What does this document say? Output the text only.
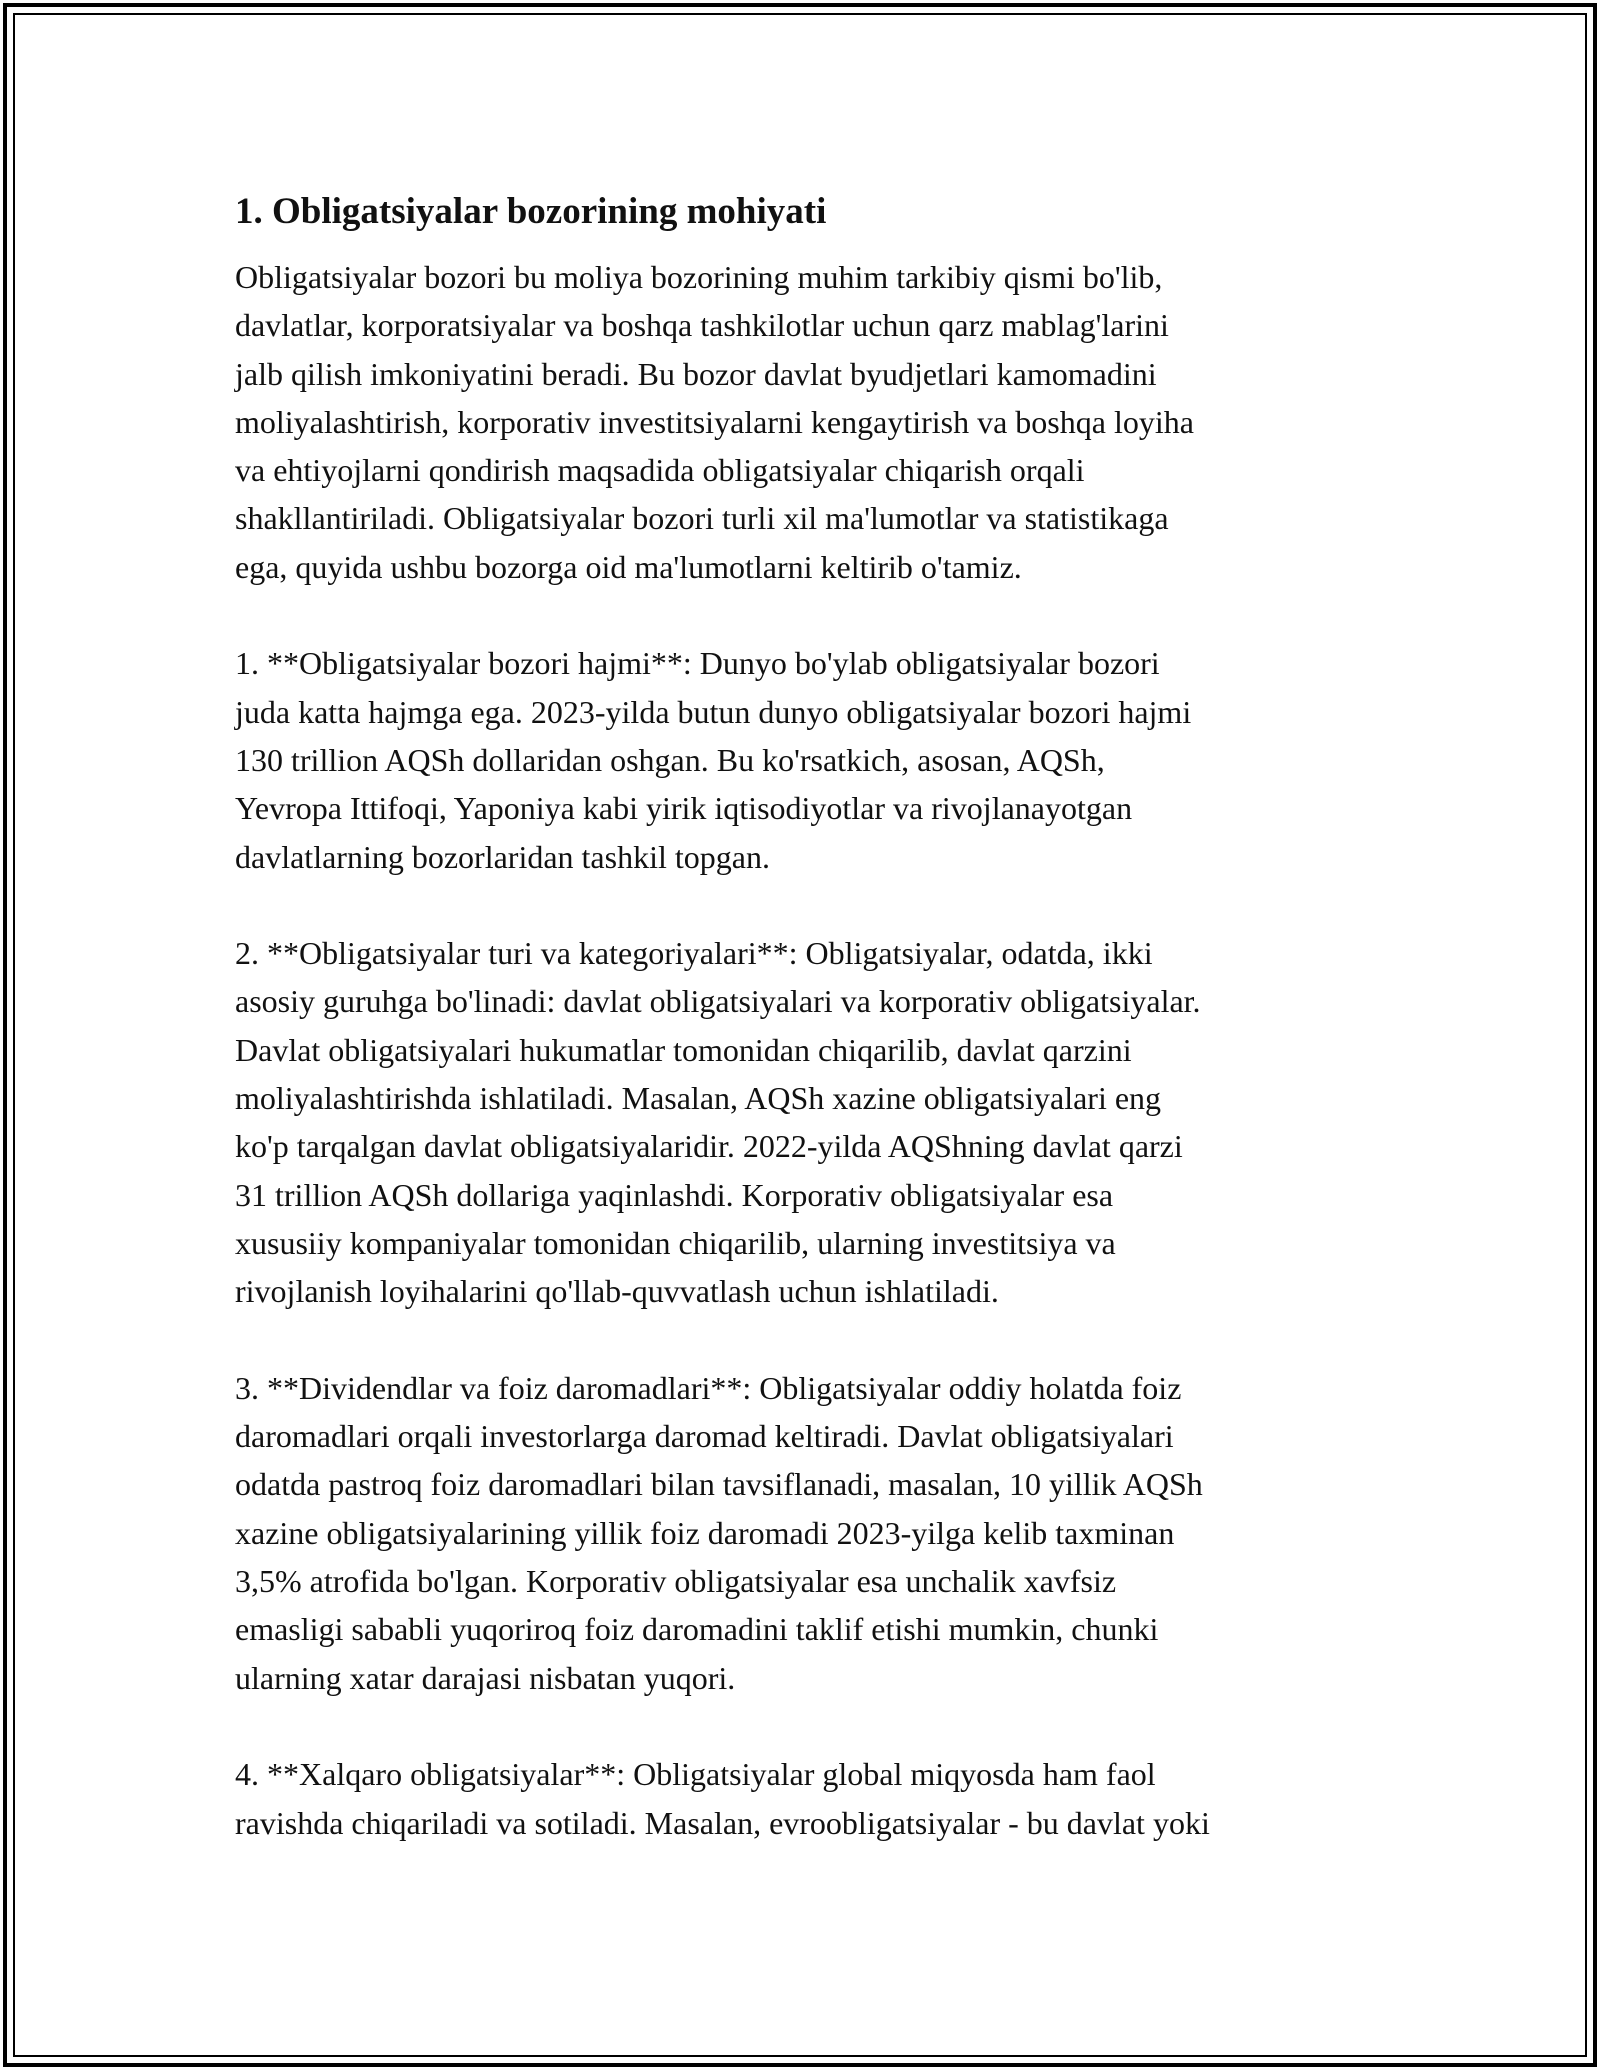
1. Obligatsiyalar bozorining mohiyati
Obligatsiyalar bozori bu moliya bozorining muhim tarkibiy qismi bo'lib,
davlatlar, korporatsiyalar va boshqa tashkilotlar uchun qarz mablag'larini
jalb qilish imkoniyatini beradi. Bu bozor davlat byudjetlari kamomadini
moliyalashtirish, korporativ investitsiyalarni kengaytirish va boshqa loyiha
va ehtiyojlarni qondirish maqsadida obligatsiyalar chiqarish orqali
shakllantiriladi. Obligatsiyalar bozori turli xil ma'lumotlar va statistikaga
ega, quyida ushbu bozorga oid ma'lumotlarni keltirib o'tamiz.
1. **Obligatsiyalar bozori hajmi**: Dunyo bo'ylab obligatsiyalar bozori
juda katta hajmga ega. 2023-yilda butun dunyo obligatsiyalar bozori hajmi
130 trillion AQSh dollaridan oshgan. Bu ko'rsatkich, asosan, AQSh,
Yevropa Ittifoqi, Yaponiya kabi yirik iqtisodiyotlar va rivojlanayotgan
davlatlarning bozorlaridan tashkil topgan.
2. **Obligatsiyalar turi va kategoriyalari**: Obligatsiyalar, odatda, ikki
asosiy guruhga bo'linadi: davlat obligatsiyalari va korporativ obligatsiyalar.
Davlat obligatsiyalari hukumatlar tomonidan chiqarilib, davlat qarzini
moliyalashtirishda ishlatiladi. Masalan, AQSh xazine obligatsiyalari eng
ko'p tarqalgan davlat obligatsiyalaridir. 2022-yilda AQShning davlat qarzi
31 trillion AQSh dollariga yaqinlashdi. Korporativ obligatsiyalar esa
xususiiy kompaniyalar tomonidan chiqarilib, ularning investitsiya va
rivojlanish loyihalarini qo'llab-quvvatlash uchun ishlatiladi.
3. **Dividendlar va foiz daromadlari**: Obligatsiyalar oddiy holatda foiz
daromadlari orqali investorlarga daromad keltiradi. Davlat obligatsiyalari
odatda pastroq foiz daromadlari bilan tavsiflanadi, masalan, 10 yillik AQSh
xazine obligatsiyalarining yillik foiz daromadi 2023-yilga kelib taxminan
3,5% atrofida bo'lgan. Korporativ obligatsiyalar esa unchalik xavfsiz
emasligi sababli yuqoriroq foiz daromadini taklif etishi mumkin, chunki
ularning xatar darajasi nisbatan yuqori.
4. **Xalqaro obligatsiyalar**: Obligatsiyalar global miqyosda ham faol
ravishda chiqariladi va sotiladi. Masalan, evroobligatsiyalar - bu davlat yoki
